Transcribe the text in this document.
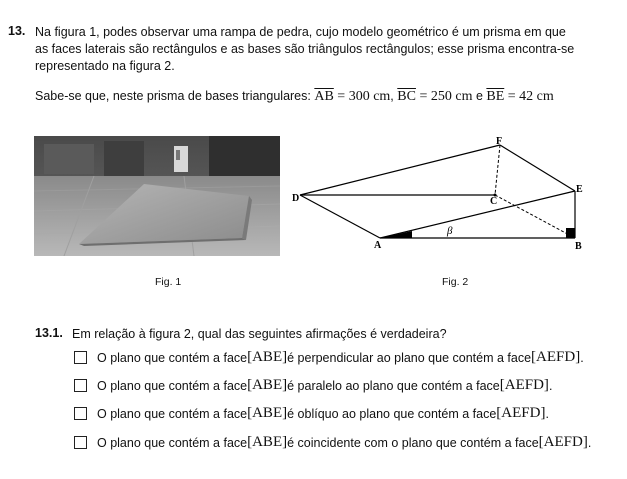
13. Na figura 1, podes observar uma rampa de pedra, cujo modelo geométrico é um prisma em que
as faces laterais são rectângulos e as bases são triângulos rectângulos; esse prisma encontra-se
representado na figura 2.
Sabe-se que, neste prisma de bases triangulares: $\overline{AB} = 300$ cm, $\overline{BC} = 250$ cm e $\overline{BE} = 42$ cm
D
F
C
E
A	B
β
Fig. 1	Fig. 2
13.1. Em relação à figura 2, qual das seguintes afirmações é verdadeira?
O plano que contém a face [ABE] é perpendicular ao plano que contém a face [AEFD] .
O plano que contém a face [ABE] é paralelo ao plano que contém a face [AEFD] .
O plano que contém a face [ABE] é oblíquo ao plano que contém a face [AEFD] .
O plano que contém a face [ABE] é coincidente com o plano que contém a face [AEFD] .
